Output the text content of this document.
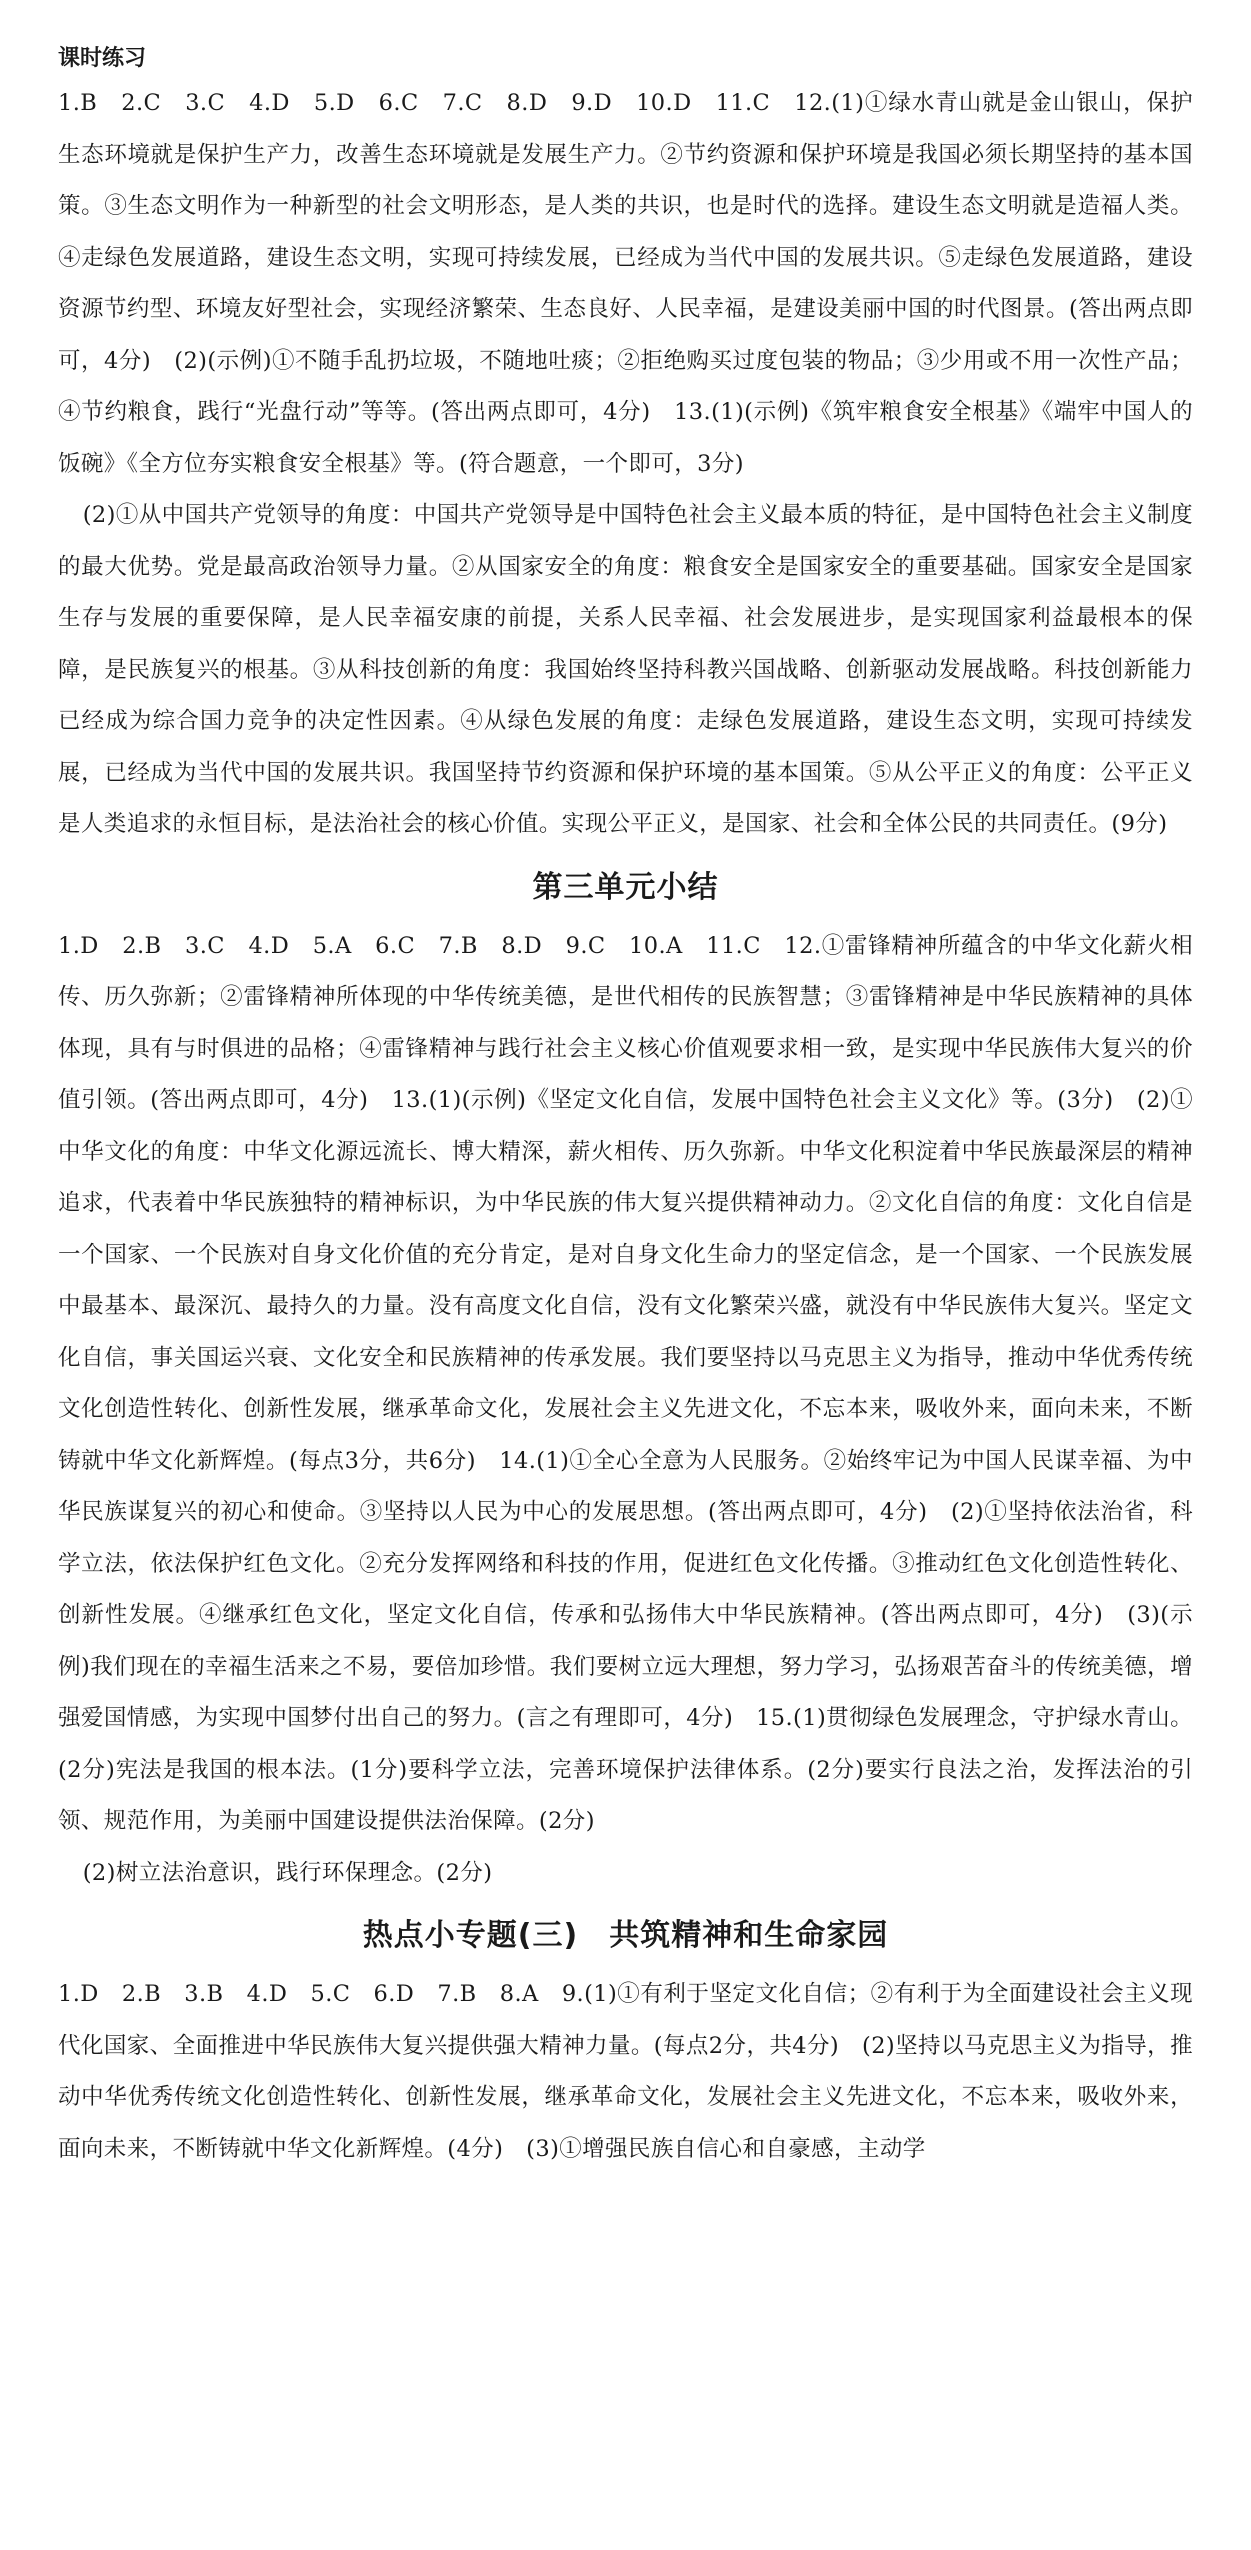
课时练习

1.B　2.C　3.C　4.D　5.D　6.C　7.C　8.D　9.D　10.D　11.C　12.(1)①绿水青山就是金山银山，保护生态环境就是保护生产力，改善生态环境就是发展生产力。②节约资源和保护环境是我国必须长期坚持的基本国策。③生态文明作为一种新型的社会文明形态，是人类的共识，也是时代的选择。建设生态文明就是造福人类。④走绿色发展道路，建设生态文明，实现可持续发展，已经成为当代中国的发展共识。⑤走绿色发展道路，建设资源节约型、环境友好型社会，实现经济繁荣、生态良好、人民幸福，是建设美丽中国的时代图景。(答出两点即可，4分)　(2)(示例)①不随手乱扔垃圾，不随地吐痰；②拒绝购买过度包装的物品；③少用或不用一次性产品；④节约粮食，践行“光盘行动”等等。(答出两点即可，4分)　13.(1)(示例)《筑牢粮食安全根基》《端牢中国人的饭碗》《全方位夯实粮食安全根基》等。(符合题意，一个即可，3分)

(2)①从中国共产党领导的角度：中国共产党领导是中国特色社会主义最本质的特征，是中国特色社会主义制度的最大优势。党是最高政治领导力量。②从国家安全的角度：粮食安全是国家安全的重要基础。国家安全是国家生存与发展的重要保障，是人民幸福安康的前提，关系人民幸福、社会发展进步，是实现国家利益最根本的保障，是民族复兴的根基。③从科技创新的角度：我国始终坚持科教兴国战略、创新驱动发展战略。科技创新能力已经成为综合国力竞争的决定性因素。④从绿色发展的角度：走绿色发展道路，建设生态文明，实现可持续发展，已经成为当代中国的发展共识。我国坚持节约资源和保护环境的基本国策。⑤从公平正义的角度：公平正义是人类追求的永恒目标，是法治社会的核心价值。实现公平正义，是国家、社会和全体公民的共同责任。(9分)

第三单元小结

1.D　2.B　3.C　4.D　5.A　6.C　7.B　8.D　9.C　10.A　11.C　12.①雷锋精神所蕴含的中华文化薪火相传、历久弥新；②雷锋精神所体现的中华传统美德，是世代相传的民族智慧；③雷锋精神是中华民族精神的具体体现，具有与时俱进的品格；④雷锋精神与践行社会主义核心价值观要求相一致，是实现中华民族伟大复兴的价值引领。(答出两点即可，4分)　13.(1)(示例)《坚定文化自信，发展中国特色社会主义文化》等。(3分)　(2)①中华文化的角度：中华文化源远流长、博大精深，薪火相传、历久弥新。中华文化积淀着中华民族最深层的精神追求，代表着中华民族独特的精神标识，为中华民族的伟大复兴提供精神动力。②文化自信的角度：文化自信是一个国家、一个民族对自身文化价值的充分肯定，是对自身文化生命力的坚定信念，是一个国家、一个民族发展中最基本、最深沉、最持久的力量。没有高度文化自信，没有文化繁荣兴盛，就没有中华民族伟大复兴。坚定文化自信，事关国运兴衰、文化安全和民族精神的传承发展。我们要坚持以马克思主义为指导，推动中华优秀传统文化创造性转化、创新性发展，继承革命文化，发展社会主义先进文化，不忘本来，吸收外来，面向未来，不断铸就中华文化新辉煌。(每点3分，共6分)　14.(1)①全心全意为人民服务。②始终牢记为中国人民谋幸福、为中华民族谋复兴的初心和使命。③坚持以人民为中心的发展思想。(答出两点即可，4分)　(2)①坚持依法治省，科学立法，依法保护红色文化。②充分发挥网络和科技的作用，促进红色文化传播。③推动红色文化创造性转化、创新性发展。④继承红色文化，坚定文化自信，传承和弘扬伟大中华民族精神。(答出两点即可，4分)　(3)(示例)我们现在的幸福生活来之不易，要倍加珍惜。我们要树立远大理想，努力学习，弘扬艰苦奋斗的传统美德，增强爱国情感，为实现中国梦付出自己的努力。(言之有理即可，4分)　15.(1)贯彻绿色发展理念，守护绿水青山。(2分)宪法是我国的根本法。(1分)要科学立法，完善环境保护法律体系。(2分)要实行良法之治，发挥法治的引领、规范作用，为美丽中国建设提供法治保障。(2分)

(2)树立法治意识，践行环保理念。(2分)

热点小专题(三)　共筑精神和生命家园

1.D　2.B　3.B　4.D　5.C　6.D　7.B　8.A　9.(1)①有利于坚定文化自信；②有利于为全面建设社会主义现代化国家、全面推进中华民族伟大复兴提供强大精神力量。(每点2分，共4分)　(2)坚持以马克思主义为指导，推动中华优秀传统文化创造性转化、创新性发展，继承革命文化，发展社会主义先进文化，不忘本来，吸收外来，面向未来，不断铸就中华文化新辉煌。(4分)　(3)①增强民族自信心和自豪感，主动学
